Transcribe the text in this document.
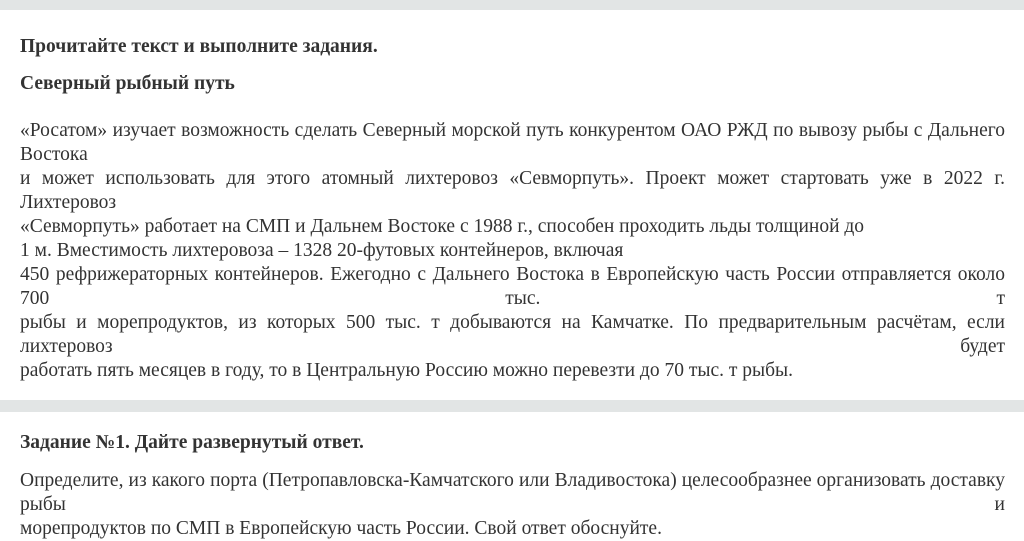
Прочитайте текст и выполните задания.
Северный рыбный путь
«Росатом» изучает возможность сделать Северный морской путь конкурентом ОАО РЖД по вывозу рыбы с Дальнего Востока
и может использовать для этого атомный лихтеровоз «Севморпуть». Проект может стартовать уже в 2022 г. Лихтеровоз
«Севморпуть» работает на СМП и Дальнем Востоке с 1988 г., способен проходить льды толщиной до
1 м. Вместимость лихтеровоза – 1328 20-футовых контейнеров, включая
450 рефрижераторных контейнеров. Ежегодно с Дальнего Востока в Европейскую часть России отправляется около 700 тыс. т
рыбы и морепродуктов, из которых 500 тыс. т добываются на Камчатке. По предварительным расчётам, если лихтеровоз будет
работать пять месяцев в году, то в Центральную Россию можно перевезти до 70 тыс. т рыбы.
Задание №1. Дайте развернутый ответ.
Определите, из какого порта (Петропавловска-Камчатского или Владивостока) целесообразнее организовать доставку рыбы и
морепродуктов по СМП в Европейскую часть России. Свой ответ обоснуйте.
